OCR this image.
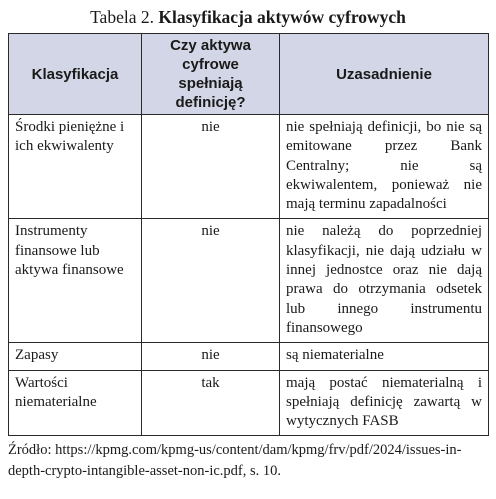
Tabela 2. Klasyfikacja aktywów cyfrowych
Klasyfikacja	Czy aktywa cyfrowe spełniają definicję?	Uzasadnienie
Środki pieniężne i ich ekwiwalenty	nie	nie spełniają definicji, bo nie są emitowane przez Bank Centralny; nie są ekwiwalentem, ponieważ nie mają terminu zapadalności
Instrumenty finansowe lub aktywa finansowe	nie	nie należą do poprzedniej klasyfikacji, nie dają udziału w innej jednostce oraz nie dają prawa do otrzymania odsetek lub innego instrumentu finansowego
Zapasy	nie	są niematerialne
Wartości niematerialne	tak	mają postać niematerialną i spełniają definicję zawartą w wytycznych FASB
Źródło: https://kpmg.com/kpmg-us/content/dam/kpmg/frv/pdf/2024/issues-in-depth-crypto-intangible-asset-non-ic.pdf, s. 10.
